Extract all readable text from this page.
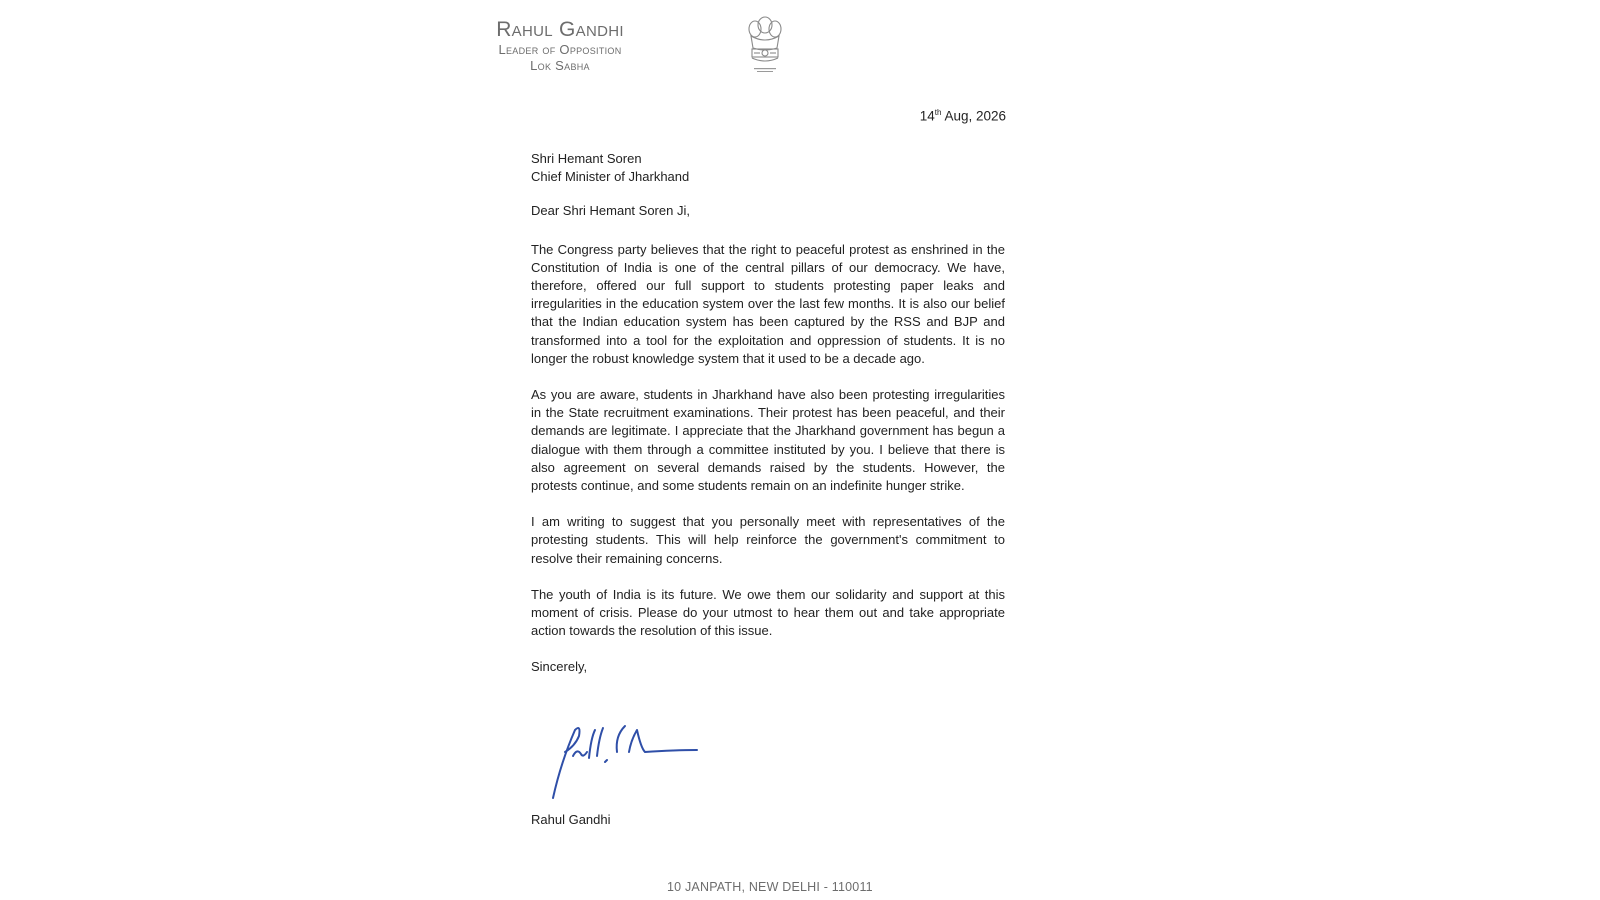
Rahul Gandhi
Leader of Opposition
Lok Sabha
14th Aug, 2026

Shri Hemant Soren

Chief Minister of Jharkhand

Dear Shri Hemant Soren Ji,

The Congress party believes that the right to peaceful protest as enshrined in the Constitution of India is one of the central pillars of our democracy. We have, therefore, offered our full support to students protesting paper leaks and irregularities in the education system over the last few months. It is also our belief that the Indian education system has been captured by the RSS and BJP and transformed into a tool for the exploitation and oppression of students. It is no longer the robust knowledge system that it used to be a decade ago.

As you are aware, students in Jharkhand have also been protesting irregularities in the State recruitment examinations. Their protest has been peaceful, and their demands are legitimate. I appreciate that the Jharkhand government has begun a dialogue with them through a committee instituted by you. I believe that there is also agreement on several demands raised by the students. However, the protests continue, and some students remain on an indefinite hunger strike.

I am writing to suggest that you personally meet with representatives of the protesting students. This will help reinforce the government's commitment to resolve their remaining concerns.

The youth of India is its future. We owe them our solidarity and support at this moment of crisis. Please do your utmost to hear them out and take appropriate action towards the resolution of this issue.

Sincerely,

Rahul Gandhi
10 JANPATH, NEW DELHI - 110011
